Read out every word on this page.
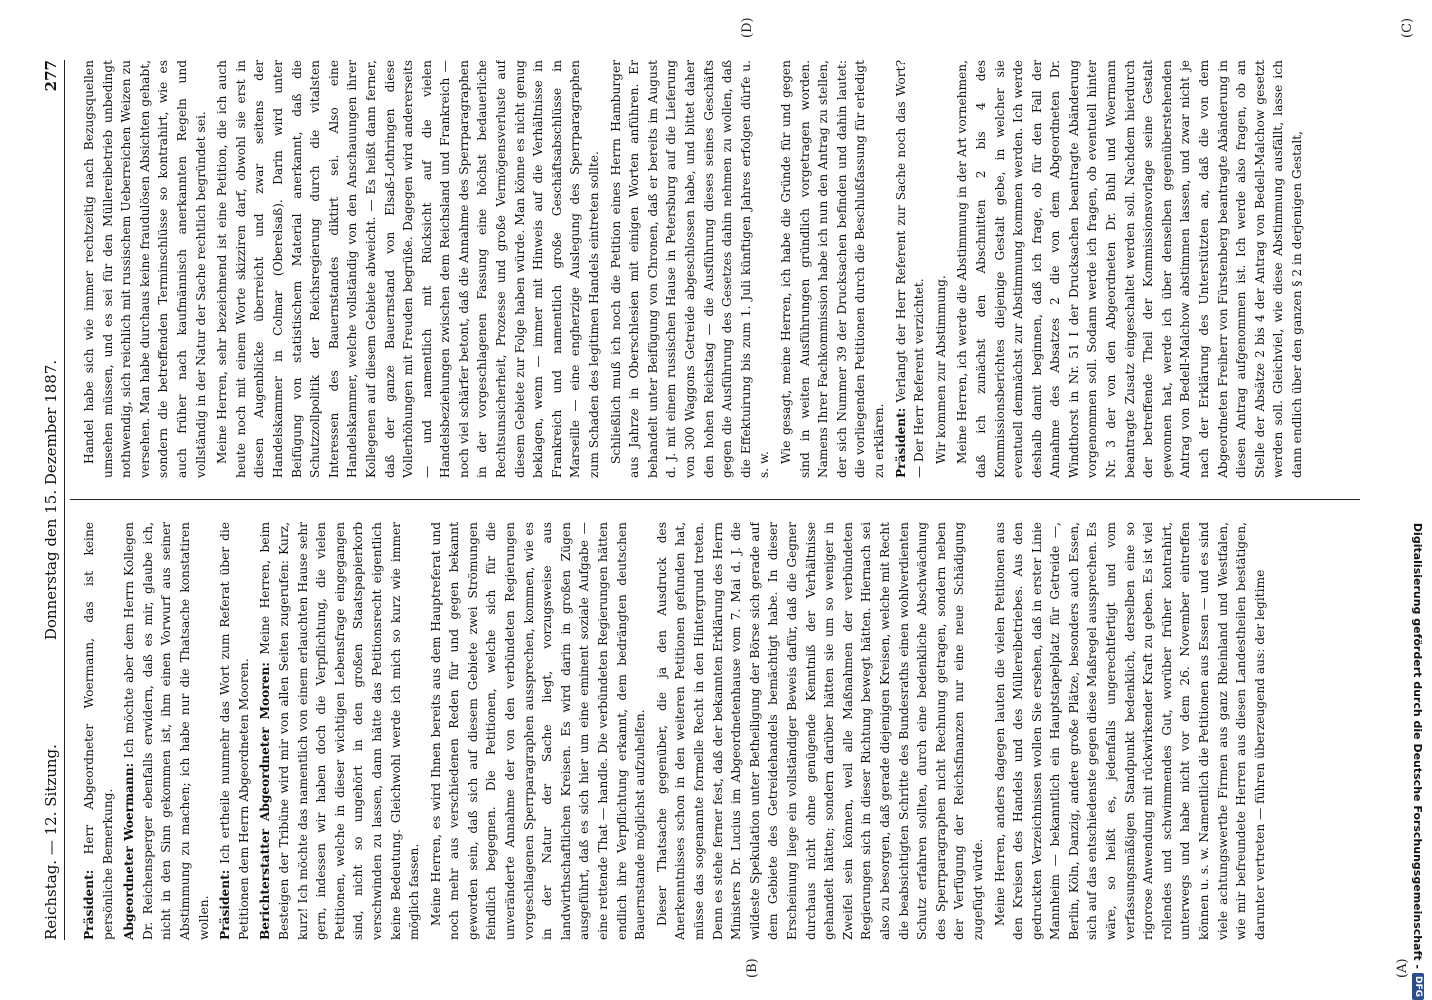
Reichstag. — 12. Sitzung.
Donnerstag den 15. Dezember 1887.
277
(A)
(B)
(C)
(D)

Präsident: Herr Abgeordneter Woermann, das ist keine persönliche Bemerkung. Abgeordneter Woermann: Ich möchte aber dem Herrn Kollegen Dr. Reichensperger ebenfalls erwidern, daß es mir, glaube ich, nicht in den Sinn gekommen ist, ihm einen Vorwurf aus seiner Abstimmung zu machen; ich habe nur die Thatsache konstatiren wollen. Präsident: Ich ertheile nunmehr das Wort zum Referat über die Petitionen dem Herrn Abgeordneten Mooren. Berichterstatter Abgeordneter Mooren: Meine Herren, beim Besteigen der Tribüne wird mir von allen Seiten zugerufen: Kurz, kurz! Ich möchte das namentlich von einem erlauchten Hause sehr gern, indessen wir haben doch die Verpflichtung, die vielen Petitionen, welche in dieser wichtigen Lebensfrage eingegangen sind, nicht so ungehört in den großen Staatspapierkorb verschwinden zu lassen, dann hätte das Petitionsrecht eigentlich keine Bedeutung. Gleichwohl werde ich mich so kurz wie immer möglich fassen. Meine Herren, es wird Ihnen bereits aus dem Hauptreferat und noch mehr aus verschiedenen Reden für und gegen bekannt geworden sein, daß sich auf diesem Gebiete zwei Strömungen feindlich begegnen. Die Petitionen, welche sich für die unveränderte Annahme der von den verbündeten Regierungen vorgeschlagenen Sperrparagraphen aussprechen, kommen, wie es in der Natur der Sache liegt, vorzugsweise aus landwirthschaftlichen Kreisen. Es wird darin in großen Zügen ausgeführt, daß es sich hier um eine eminent soziale Aufgabe — eine rettende That — handle. Die verbündeten Regierungen hätten endlich ihre Verpflichtung erkannt, dem bedrängten deutschen Bauernstande möglichst aufzuhelfen. Dieser Thatsache gegenüber, die ja den Ausdruck des Anerkenntnisses schon in den weiteren Petitionen gefunden hat, müsse das sogenannte formelle Recht in den Hintergrund treten. Denn es stehe ferner fest, daß der bekannten Erklärung des Herrn Ministers Dr. Lucius im Abgeordnetenhause vom 7. Mai d. J. die wildeste Spekulation unter Betheiligung der Börse sich gerade auf dem Gebiete des Getreidehandels bemächtigt habe. In dieser Erscheinung liege ein vollständiger Beweis dafür, daß die Gegner durchaus nicht ohne genügende Kenntniß der Verhältnisse gehandelt hätten; sondern darüber hätten sie um so weniger in Zweifel sein können, weil alle Maßnahmen der verbündeten Regierungen sich in dieser Richtung bewegt hätten. Hiernach sei also zu besorgen, daß gerade diejenigen Kreisen, welche mit Recht die beabsichtigten Schritte des Bundesraths einen wohlverdienten Schutz erfahren sollten, durch eine bedenkliche Abschwächung des Sperrparagraphen nicht Rechnung getragen, sondern neben der Verfügung der Reichsfinanzen nur eine neue Schädigung zugefügt würde. Meine Herren, anders dagegen lauten die vielen Petitionen aus den Kreisen des Handels und des Müllereibetriebes. Aus den gedruckten Verzeichnissen wollen Sie ersehen, daß in erster Linie Mannheim — bekanntlich ein Hauptstapelplatz für Getreide —, Berlin, Köln, Danzig, andere große Plätze, besonders auch Essen, sich auf das entschiedenste gegen diese Maßregel aussprechen. Es wäre, so heißt es, jedenfalls ungerechtfertigt und vom verfassungsmäßigen Standpunkt bedenklich, derselben eine so rigorose Anwendung mit rückwirkender Kraft zu geben. Es ist viel rollendes und schwimmendes Gut, worüber früher kontrahirt, unterwegs und habe nicht vor dem 26. November eintreffen können u. s. w. Namentlich die Petitionen aus Essen — und es sind viele achtungswerthe Firmen aus ganz Rheinland und Westfalen, wie mir befreundete Herren aus diesen Landestheilen bestätigen, darunter vertreten — führen überzeugend aus: der legitime

Handel habe sich wie immer rechtzeitig nach Bezugsquellen umsehen müssen, und es sei für den Müllereibetrieb unbedingt nothwendig, sich reichlich mit russischem Ueberreichen Weizen zu versehen. Man habe durchaus keine fraudulösen Absichten gehabt, sondern die betreffenden Terminschlüsse so kontrahirt, wie es auch früher nach kaufmännisch anerkannten Regeln und vollständig in der Natur der Sache rechtlich begründet sei. Meine Herren, sehr bezeichnend ist eine Petition, die ich auch heute noch mit einem Worte skizziren darf, obwohl sie erst in diesen Augenblicke überreicht und zwar seitens der Handelskammer in Colmar (Oberelsaß). Darin wird unter Beifügung von statistischem Material anerkannt, daß die Schutzzollpolitik der Reichsregierung durch die vitalsten Interessen des Bauernstandes diktirt sei. Also eine Handelskammer, welche vollständig von den Anschauungen ihrer Kollegenen auf diesem Gebiete abweicht. — Es heißt dann ferner, daß der ganze Bauernstand von Elsaß-Lothringen diese Vollerhöhungen mit Freuden begrüße. Dagegen wird andererseits — und namentlich mit Rücksicht auf die vielen Handelsbeziehungen zwischen dem Reichsland und Frankreich — noch viel schärfer betont, daß die Annahme des Sperrparagraphen in der vorgeschlagenen Fassung eine höchst bedauerliche Rechtsunsicherheit, Prozesse und große Vermögensverluste auf diesem Gebiete zur Folge haben würde. Man könne es nicht genug beklagen, wenn — immer mit Hinweis auf die Verhältnisse in Frankreich und namentlich große Geschäftsabschlüsse in Marseille — eine engherzige Auslegung des Sperrparagraphen zum Schaden des legitimen Handels eintreten sollte. Schließlich muß ich noch die Petition eines Herrn Hamburger aus Jahrze in Oberschlesien mit einigen Worten anführen. Er behandelt unter Beifügung von Chronen, daß er bereits im August d. J. mit einem russischen Hause in Petersburg auf die Lieferung von 300 Waggons Getreide abgeschlossen habe, und bittet daher den hohen Reichstag — die Ausführung dieses seines Geschäfts gegen die Ausführung des Gesetzes dahin nehmen zu wollen, daß die Effektuirung bis zum 1. Juli künftigen Jahres erfolgen dürfe u. s. w.

Wie gesagt, meine Herren, ich habe die Gründe für und gegen sind in weiten Ausführungen gründlich vorgetragen worden. Namens Ihrer Fachkommission habe ich nun den Antrag zu stellen, der sich Nummer 39 der Drucksachen befinden und dahin lautet: die vorliegenden Petitionen durch die Beschlußfassung für erledigt zu erklären. Präsident: Verlangt der Herr Referent zur Sache noch das Wort? — Der Herr Referent verzichtet. Wir kommen zur Abstimmung. Meine Herren, ich werde die Abstimmung in der Art vornehmen, daß ich zunächst den Abschnitten 2 bis 4 des Kommissionsberichtes diejenige Gestalt gebe, in welcher sie eventuell demnächst zur Abstimmung kommen werden. Ich werde deshalb damit beginnen, daß ich frage, ob für den Fall der Annahme des Absatzes 2 die von dem Abgeordneten Dr. Windthorst in Nr. 51 I der Drucksachen beantragte Abänderung vorgenommen soll. Sodann werde ich fragen, ob eventuell hinter Nr. 3 der von den Abgeordneten Dr. Buhl und Woermann beantragte Zusatz eingeschaltet werden soll. Nachdem hierdurch der betreffende Theil der Kommissionsvorlage seine Gestalt gewonnen hat, werde ich über denselben gegenüberstehenden Antrag von Bedell-Malchow abstimmen lassen, und zwar nicht je nach der Erklärung des Unterstützten an, daß die von dem Abgeordneten Freiherr von Fürstenberg beantragte Abänderung in diesen Antrag aufgenommen ist. Ich werde also fragen, ob an Stelle der Absätze 2 bis 4 der Antrag von Bedell-Malchow gesetzt werden soll. Gleichviel, wie diese Abstimmung ausfällt, lasse ich dann endlich über den ganzen § 2 in derjenigen Gestalt,

Digitalisierung gefördert durch die Deutsche Forschungsgemeinschaft -
DFG
